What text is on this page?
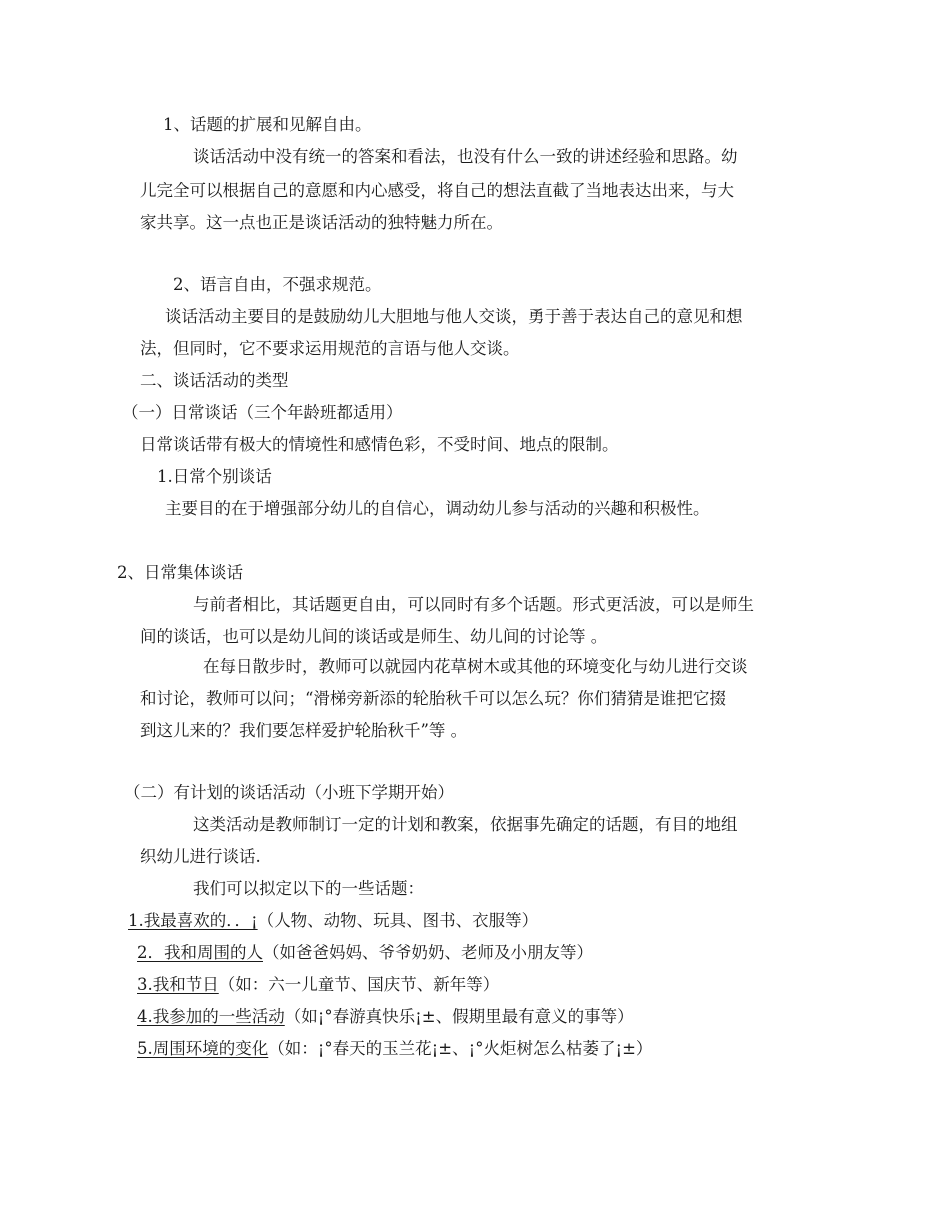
1、话题的扩展和见解自由。
谈话活动中没有统一的答案和看法，也没有什么一致的讲述经验和思路。幼
儿完全可以根据自己的意愿和内心感受，将自己的想法直截了当地表达出来，与大
家共享。这一点也正是谈话活动的独特魅力所在。
2、语言自由，不强求规范。
谈话活动主要目的是鼓励幼儿大胆地与他人交谈，勇于善于表达自己的意见和想
法，但同时，它不要求运用规范的言语与他人交谈。
二、谈话活动的类型
（一）日常谈话（三个年龄班都适用）
日常谈话带有极大的情境性和感情色彩，不受时间、地点的限制。
1.日常个别谈话
主要目的在于增强部分幼儿的自信心，调动幼儿参与活动的兴趣和积极性。
2、日常集体谈话
与前者相比，其话题更自由，可以同时有多个话题。形式更活波，可以是师生
间的谈话，也可以是幼儿间的谈话或是师生、幼儿间的讨论等 。
在每日散步时，教师可以就园内花草树木或其他的环境变化与幼儿进行交谈
和讨论，教师可以问；“滑梯旁新添的轮胎秋千可以怎么玩？你们猜猜是谁把它掇
到这儿来的？我们要怎样爱护轮胎秋千”等 。
（二）有计划的谈话活动（小班下学期开始）
这类活动是教师制订一定的计划和教案，依据事先确定的话题，有目的地组
织幼儿进行谈话.
我们可以拟定以下的一些话题：
1.我最喜欢的．．¡（人物、动物、玩具、图书、衣服等）
2．我和周围的人（如爸爸妈妈、爷爷奶奶、老师及小朋友等）
3.我和节日（如：六一儿童节、国庆节、新年等）
4.我参加的一些活动（如¡°春游真快乐¡±、假期里最有意义的事等）
5.周围环境的变化（如：¡°春天的玉兰花¡±、¡°火炬树怎么枯萎了¡±）
